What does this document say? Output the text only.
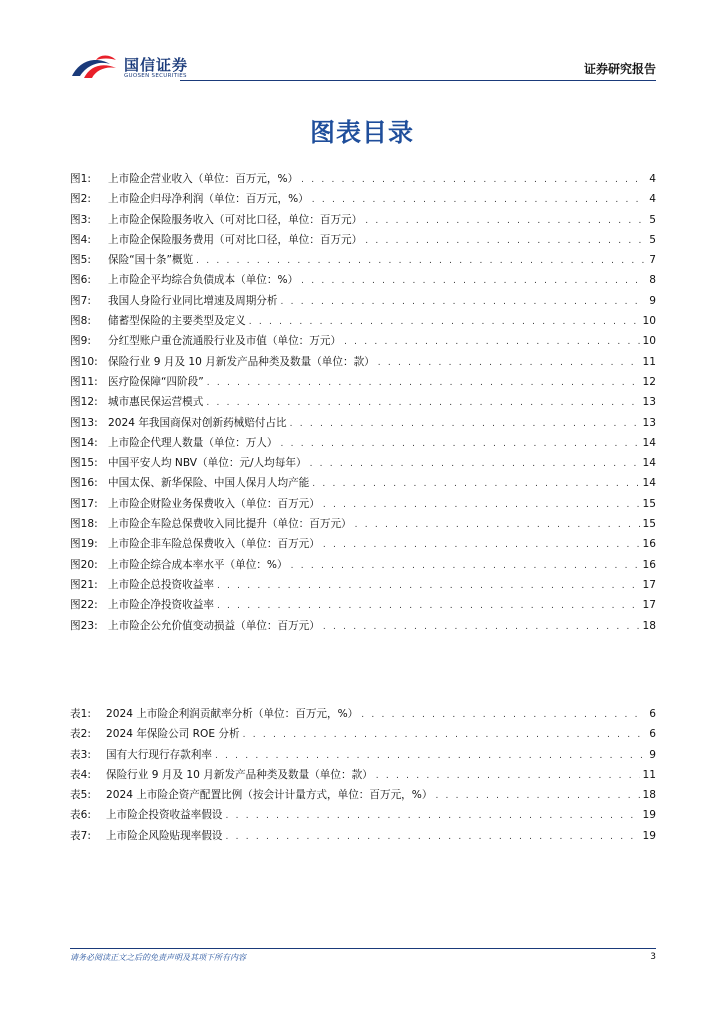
国信证券
GUOSEN SECURITIES	证券研究报告
图表目录
图1:	上市险企营业收入（单位：百万元，%） . . .	4
图2:	上市险企归母净利润（单位：百万元，%） . . .	4
图3:	上市险企保险服务收入（可对比口径，单位：百万元） . . .	5
图4:	上市险企保险服务费用（可对比口径，单位：百万元） . . .	5
图5:	保险“国十条”概览 . . .	7
图6:	上市险企平均综合负债成本（单位：%） . . .	8
图7:	我国人身险行业同比增速及周期分析 . . .	9
图8:	储蓄型保险的主要类型及定义 . . .	10
图9:	分红型账户重仓流通股行业及市值（单位：万元） . . .	10
图10: 保险行业 9 月及 10 月新发产品种类及数量（单位：款） . . .	11
图11: 医疗险保障“四阶段” . . .	12
图12: 城市惠民保运营模式 . . .	13
图13: 2024 年我国商保对创新药械赔付占比 . . .	13
图14: 上市险企代理人数量（单位：万人） . . .	14
图15: 中国平安人均 NBV（单位：元/人均每年） . . .	14
图16: 中国太保、新华保险、中国人保月人均产能 . . .	14
图17: 上市险企财险业务保费收入（单位：百万元） . . .	15
图18: 上市险企车险总保费收入同比提升（单位：百万元） . . .	15
图19: 上市险企非车险总保费收入（单位：百万元） . . .	16
图20: 上市险企综合成本率水平（单位：%） . . .	16
图21: 上市险企总投资收益率 . . .	17
图22: 上市险企净投资收益率 . . .	17
图23: 上市险企公允价值变动损益（单位：百万元） . . .	18
表1:	2024 上市险企利润贡献率分析（单位：百万元，%） . . .	6
表2:	2024 年保险公司 ROE 分析 . . .	6
表3:	国有大行现行存款利率 . . .	9
表4:	保险行业 9 月及 10 月新发产品种类及数量（单位：款） . . .	11
表5:	2024 上市险企资产配置比例（按会计计量方式，单位：百万元，%） . . .	18
表6:	上市险企投资收益率假设 . . .	19
表7:	上市险企风险贴现率假设 . . .	19
请务必阅读正文之后的免责声明及其项下所有内容	3
